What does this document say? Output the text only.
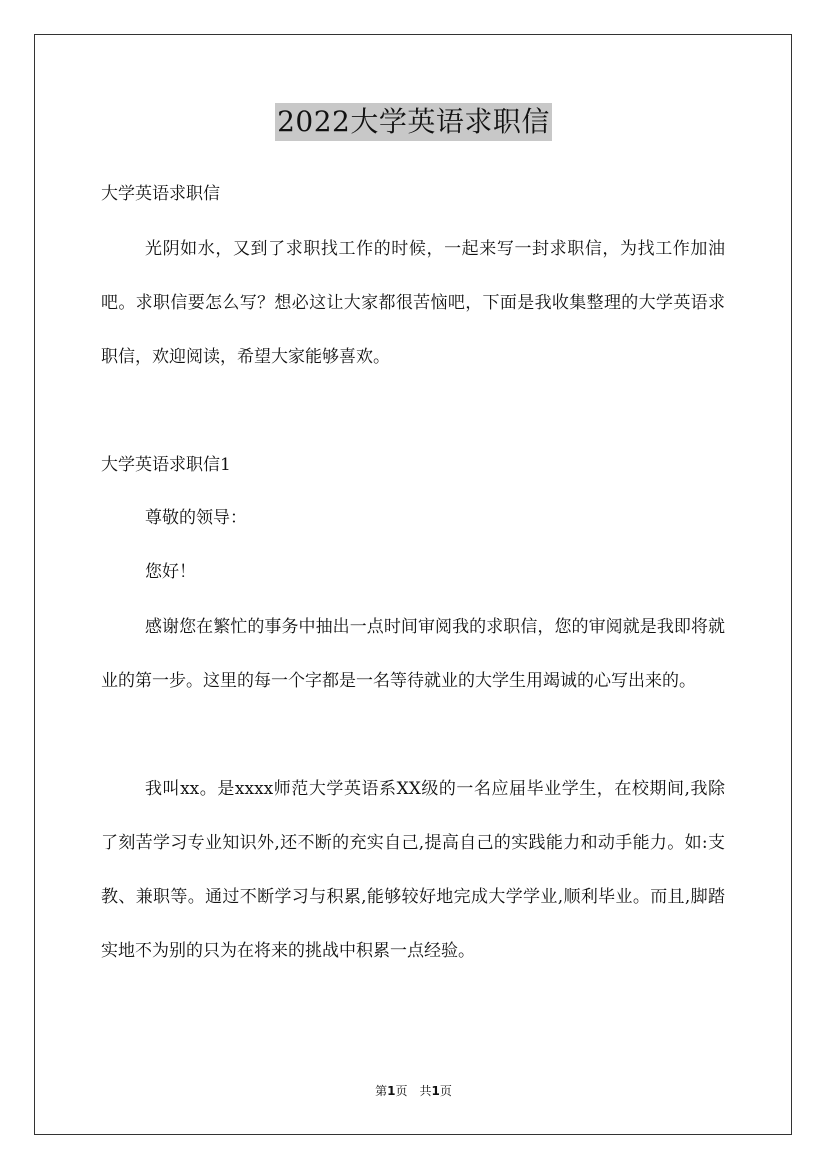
2022大学英语求职信
大学英语求职信
光阴如水，又到了求职找工作的时候，一起来写一封求职信，为找工作加油吧。求职信要怎么写？想必这让大家都很苦恼吧，下面是我收集整理的大学英语求职信，欢迎阅读，希望大家能够喜欢。
大学英语求职信1
尊敬的领导：
您好！
感谢您在繁忙的事务中抽出一点时间审阅我的求职信，您的审阅就是我即将就业的第一步。这里的每一个字都是一名等待就业的大学生用竭诚的心写出来的。
我叫xx。是xxxx师范大学英语系XX级的一名应届毕业学生，在校期间,我除了刻苦学习专业知识外,还不断的充实自己,提高自己的实践能力和动手能力。如:支教、兼职等。通过不断学习与积累,能够较好地完成大学学业,顺利毕业。而且,脚踏实地不为别的只为在将来的挑战中积累一点经验。
第1页　共1页
